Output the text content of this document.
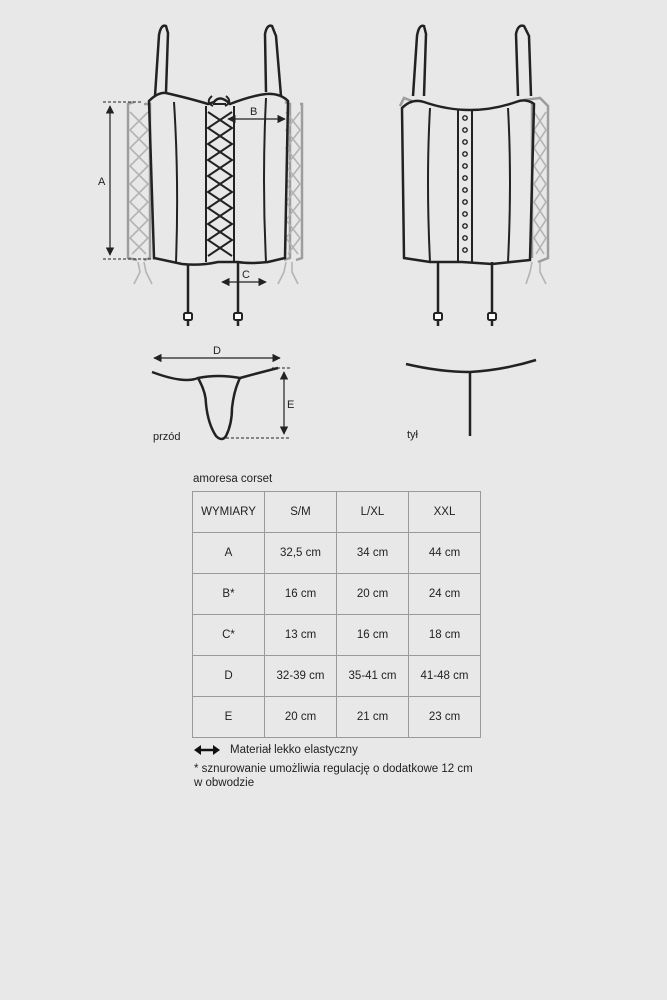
A
B
C
D
E
przód	tył
amoresa corset
WYMIARY	S/M	L/XL	XXL
A	32,5 cm	34 cm	44 cm
B*	16 cm	20 cm	24 cm
C*	13 cm	16 cm	18 cm
D	32-39 cm	35-41 cm	41-48 cm
E	20 cm	21 cm	23 cm
Materiał lekko elastyczny
* sznurowanie umożliwia regulację o dodatkowe 12 cm
w obwodzie
